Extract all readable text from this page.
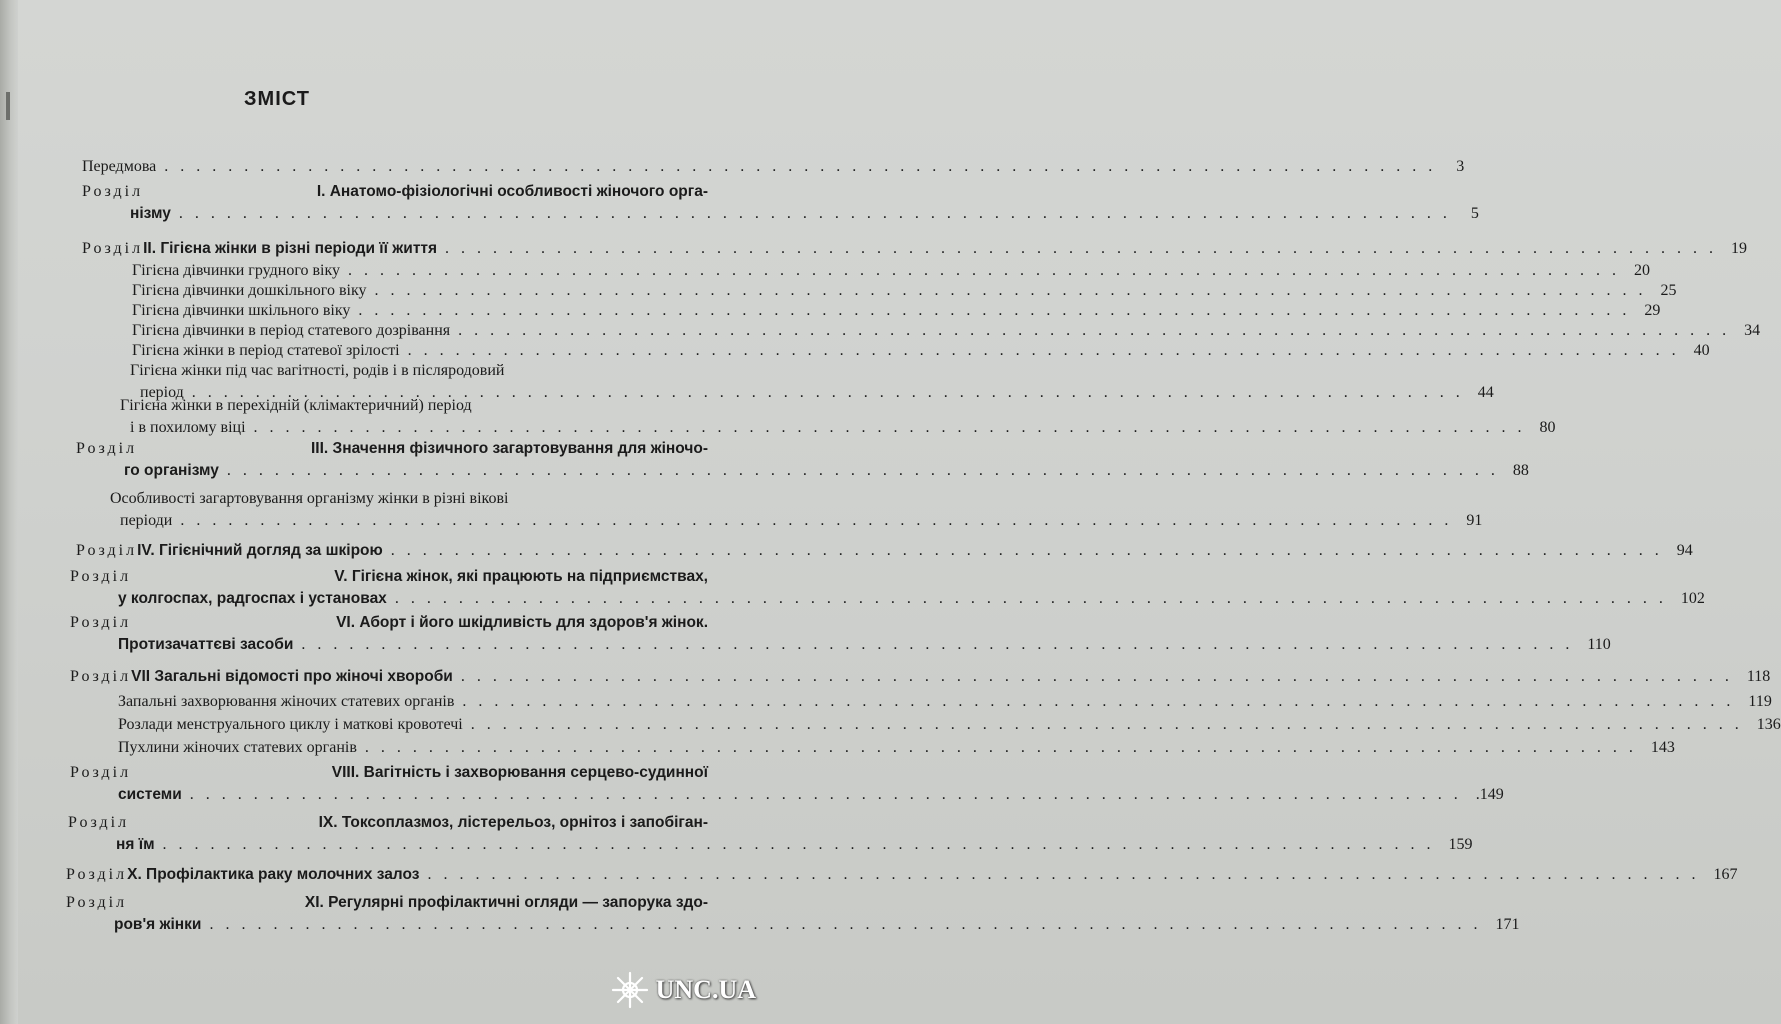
ЗМІСТ
Передмова ................................................................................ 3
Розділ	І. Анатомо-фізіологічні особливості жіночого орга-
нізму ................................................................................ 5
Розділ II. Гігієна жінки в різні періоди її життя ................................................................................ 19
Гігієна дівчинки грудного віку ................................................................................ 20
Гігієна дівчинки дошкільного віку ................................................................................ 25
Гігієна дівчинки шкільного віку ................................................................................ 29
Гігієна дівчинки в період статевого дозрівання ................................................................................ 34
Гігієна жінки в період статевої зрілості ................................................................................ 40
Гігієна жінки під час вагітності, родів і в післяродовий
період ................................................................................ 44
Гігієна жінки в перехідній (клімактеричний) період
і в похилому віці ................................................................................ 80
Розділ	III. Значення фізичного загартовування для жіночо-
го організму ................................................................................ 88
Особливості загартовування організму жінки в різні вікові
періоди ................................................................................ 91
Розділ IV. Гігієнічний догляд за шкірою ................................................................................ 94
Розділ	V. Гігієна жінок, які працюють на підприємствах,
у колгоспах, радгоспах і установах ................................................................................ 102
Розділ	VI. Аборт і його шкідливість для здоров'я жінок.
Протизачаттєві засоби ................................................................................ 110
Розділ VII Загальні відомості про жіночі хвороби ................................................................................ 118
Запальні захворювання жіночих статевих органів ................................................................................ 119
Розлади менструального циклу і маткові кровотечі ................................................................................ 136
Пухлини жіночих статевих органів ................................................................................ 143
Розділ	VIII. Вагітність і захворювання серцево-судинної
системи ................................................................................ .149
Розділ	IX. Токсоплазмоз, лістерельоз, орнітоз і запобіган-
ня їм ................................................................................ 159
Розділ X. Профілактика раку молочних залоз ................................................................................ 167
Розділ	XI. Регулярні профілактичні огляди — запорука здо-
ров'я жінки ................................................................................ 171
UNC.UA
